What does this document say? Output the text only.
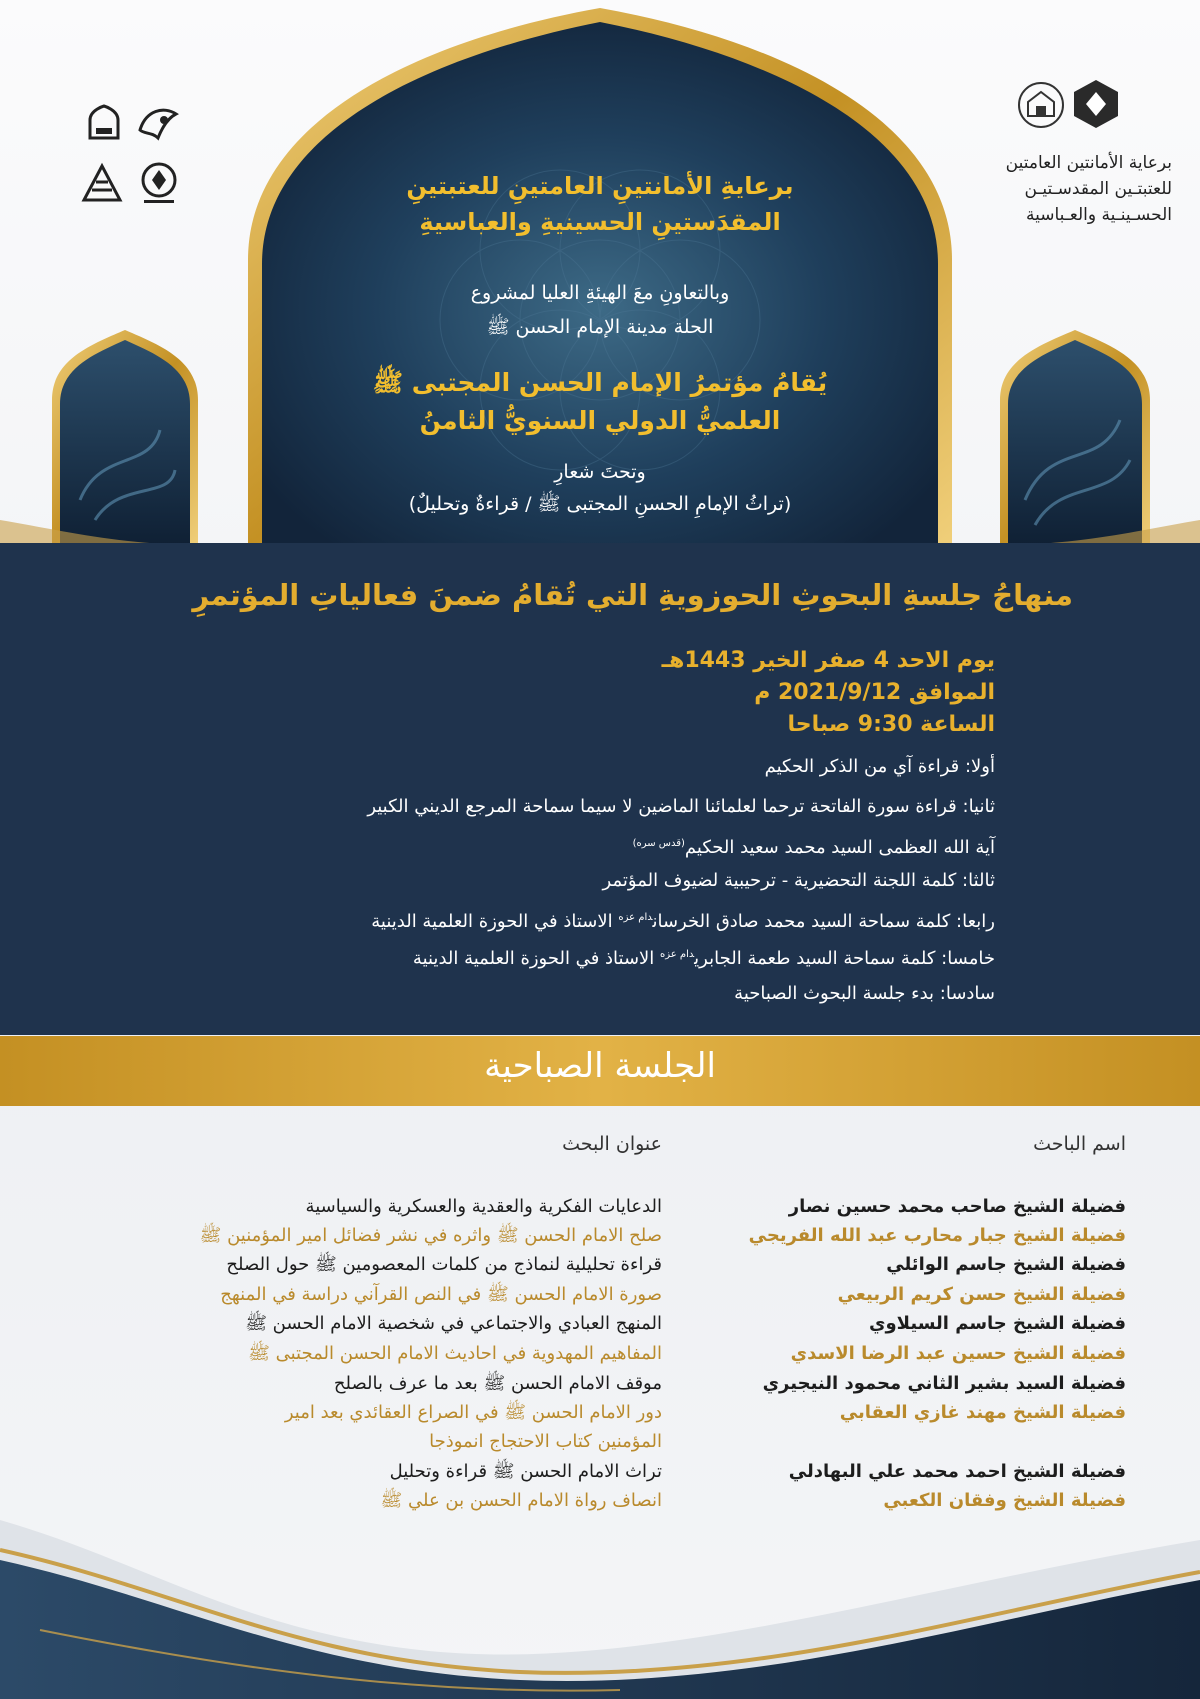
برعاية الأمانتين العامتين
للعتبتـين المقدسـتيـن
الحسـينـية والعـباسية
برعايةِ الأمانتينِ العامتينِ للعتبتينِ
المقدَستينِ الحسينيةِ والعباسيةِ
وبالتعاونِ معَ الهيئةِ العليا لمشروع
الحلة مدينة الإمام الحسن ﷺ
يُقامُ مؤتمرُ الإمام الحسن المجتبى ﷺ
العلميُّ الدولي السنويُّ الثامنُ
وتحتَ شعارِ
(تراثُ الإمامِ الحسنِ المجتبى ﷺ / قراءةٌ وتحليلٌ)
منهاجُ جلسةِ البحوثِ الحوزويةِ التي تُقامُ ضمنَ فعالياتِ المؤتمرِ
يوم الاحد 4 صفر الخير 1443هـ
الموافق 2021/9/12 م
الساعة 9:30 صباحا
أولا: قراءة آي من الذكر الحكيم
ثانيا: قراءة سورة الفاتحة ترحما لعلمائنا الماضين لا سيما سماحة المرجع الديني الكبير
آية الله العظمى السيد محمد سعيد الحكيم$^{(قدس سره)}$
ثالثا: كلمة اللجنة التحضيرية - ترحيبية لضيوف المؤتمر
رابعا: كلمة سماحة السيد محمد صادق الخرسان$^{دام عزه}$ الاستاذ في الحوزة العلمية الدينية
خامسا: كلمة سماحة السيد طعمة الجابري$^{دام عزه}$ الاستاذ في الحوزة العلمية الدينية
سادسا: بدء جلسة البحوث الصباحية
الجلسة الصباحية
اسم الباحث
عنوان البحث
فضيلة الشيخ صاحب محمد حسين نصار
فضيلة الشيخ جبار محارب عبد الله الفريجي
فضيلة الشيخ جاسم الوائلي
فضيلة الشيخ حسن كريم الربيعي
فضيلة الشيخ جاسم السيلاوي
فضيلة الشيخ حسين عبد الرضا الاسدي
فضيلة السيد بشير الثاني محمود النيجيري
فضيلة الشيخ مهند غازي العقابي
فضيلة الشيخ احمد محمد علي البهادلي
فضيلة الشيخ وفقان الكعبي
الدعايات الفكرية والعقدية والعسكرية والسياسية
صلح الامام الحسن ﷺ واثره في نشر فضائل امير المؤمنين ﷺ
قراءة تحليلية لنماذج من كلمات المعصومين ﷺ حول الصلح
صورة الامام الحسن ﷺ في النص القرآني دراسة في المنهج
المنهج العبادي والاجتماعي في شخصية الامام الحسن ﷺ
المفاهيم المهدوية في احاديث الامام الحسن المجتبى ﷺ
موقف الامام الحسن ﷺ بعد ما عرف بالصلح
دور الامام الحسن ﷺ في الصراع العقائدي بعد امير
المؤمنين كتاب الاحتجاج انموذجا
تراث الامام الحسن ﷺ قراءة وتحليل
انصاف رواة الامام الحسن بن علي ﷺ
